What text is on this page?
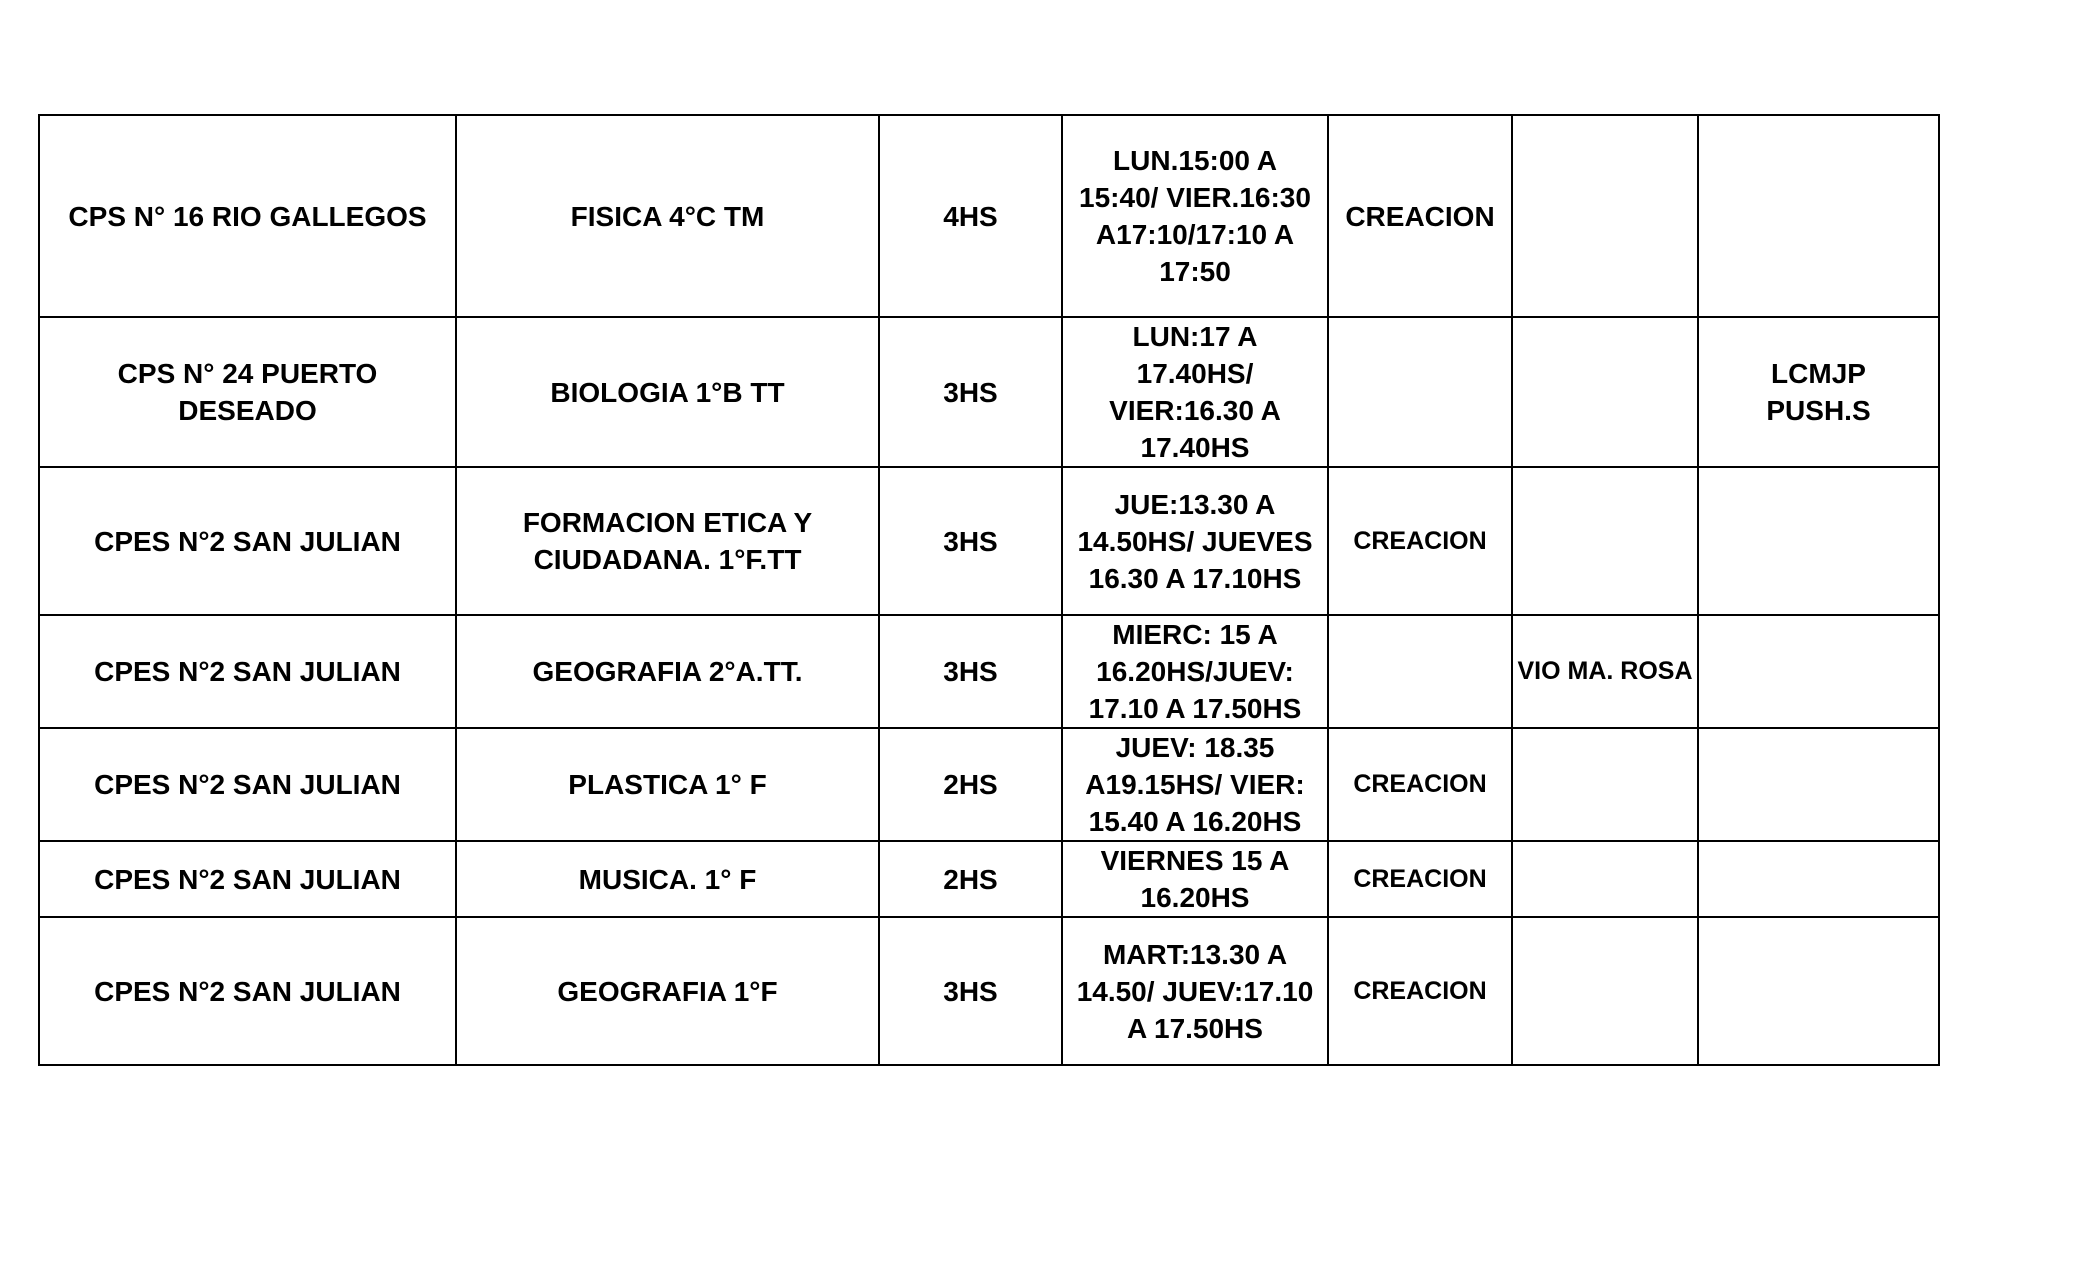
CPS N° 16 RIO GALLEGOS	FISICA 4°C TM	4HS	LUN.15:00 A
15:40/ VIER.16:30
A17:10/17:10 A
17:50	CREACION		
CPS N° 24 PUERTO
DESEADO	BIOLOGIA 1°B TT	3HS	LUN:17 A
17.40HS/
VIER:16.30 A
17.40HS			LCMJP
PUSH.S
CPES N°2 SAN JULIAN	FORMACION ETICA Y
CIUDADANA. 1°F.TT	3HS	JUE:13.30 A
14.50HS/ JUEVES
16.30 A 17.10HS	CREACION		
CPES N°2 SAN JULIAN	GEOGRAFIA 2°A.TT.	3HS	MIERC: 15 A
16.20HS/JUEV:
17.10 A 17.50HS		VIO MA. ROSA	
CPES N°2 SAN JULIAN	PLASTICA 1° F	2HS	JUEV: 18.35
A19.15HS/ VIER:
15.40 A 16.20HS	CREACION		
CPES N°2 SAN JULIAN	MUSICA. 1° F	2HS	VIERNES 15 A
16.20HS	CREACION		
CPES N°2 SAN JULIAN	GEOGRAFIA 1°F	3HS	MART:13.30 A
14.50/ JUEV:17.10
A 17.50HS	CREACION		
